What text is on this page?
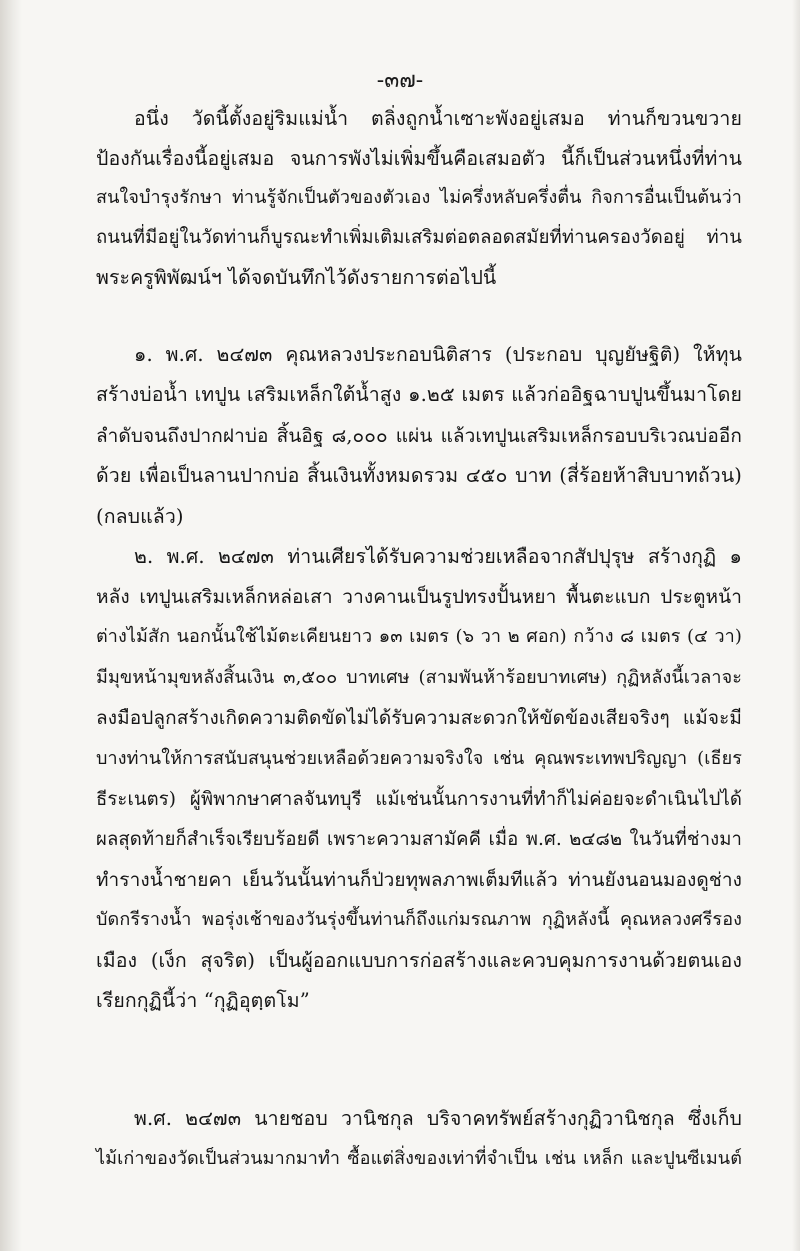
-๓๗-
อนึ่ง วัดนี้ตั้งอยู่ริมแม่น้ำ ตลิ่งถูกน้ำเซาะพังอยู่เสมอ ท่านก็ขวนขวาย
ป้องกันเรื่องนี้อยู่เสมอ จนการพังไม่เพิ่มขึ้นคือเสมอตัว นี้ก็เป็นส่วนหนึ่งที่ท่าน
สนใจบำรุงรักษา ท่านรู้จักเป็นตัวของตัวเอง ไม่ครึ่งหลับครึ่งตื่น กิจการอื่นเป็นต้นว่า
ถนนที่มีอยู่ในวัดท่านก็บูรณะทำเพิ่มเติมเสริมต่อตลอดสมัยที่ท่านครองวัดอยู่ ท่าน
พระครูพิพัฒน์ฯ ได้จดบันทึกไว้ดังรายการต่อไปนี้
๑. พ.ศ. ๒๔๗๓ คุณหลวงประกอบนิติสาร (ประกอบ บุญยัษฐิติ) ให้ทุน
สร้างบ่อน้ำ เทปูน เสริมเหล็กใต้น้ำสูง ๑.๒๕ เมตร แล้วก่ออิฐฉาบปูนขึ้นมาโดย
ลำดับจนถึงปากฝาบ่อ สิ้นอิฐ ๘,๐๐๐ แผ่น แล้วเทปูนเสริมเหล็กรอบบริเวณบ่ออีก
ด้วย เพื่อเป็นลานปากบ่อ สิ้นเงินทั้งหมดรวม ๔๕๐ บาท (สี่ร้อยห้าสิบบาทถ้วน)
(กลบแล้ว)
๒. พ.ศ. ๒๔๗๓ ท่านเศียรได้รับความช่วยเหลือจากสัปปุรุษ สร้างกุฏิ ๑
หลัง เทปูนเสริมเหล็กหล่อเสา วางคานเป็นรูปทรงปั้นหยา พื้นตะแบก ประตูหน้า
ต่างไม้สัก นอกนั้นใช้ไม้ตะเคียนยาว ๑๓ เมตร (๖ วา ๒ ศอก) กว้าง ๘ เมตร (๔ วา)
มีมุขหน้ามุขหลังสิ้นเงิน ๓,๕๐๐ บาทเศษ (สามพันห้าร้อยบาทเศษ) กุฏิหลังนี้เวลาจะ
ลงมือปลูกสร้างเกิดความติดขัดไม่ได้รับความสะดวกให้ขัดข้องเสียจริงๆ แม้จะมี
บางท่านให้การสนับสนุนช่วยเหลือด้วยความจริงใจ เช่น คุณพระเทพปริญญา (เธียร
ธีระเนตร) ผู้พิพากษาศาลจันทบุรี แม้เช่นนั้นการงานที่ทำก็ไม่ค่อยจะดำเนินไปได้
ผลสุดท้ายก็สำเร็จเรียบร้อยดี เพราะความสามัคคี เมื่อ พ.ศ. ๒๔๘๒ ในวันที่ช่างมา
ทำรางน้ำชายคา เย็นวันนั้นท่านก็ป่วยทุพลภาพเต็มทีแล้ว ท่านยังนอนมองดูช่าง
บัดกรีรางน้ำ พอรุ่งเช้าของวันรุ่งขึ้นท่านก็ถึงแก่มรณภาพ กุฏิหลังนี้ คุณหลวงศรีรอง
เมือง (เง็ก สุจริต) เป็นผู้ออกแบบการก่อสร้างและควบคุมการงานด้วยตนเอง
เรียกกุฏินี้ว่า “กุฏิอุตฺตโม”
พ.ศ. ๒๔๗๓ นายชอบ วานิชกุล บริจาคทรัพย์สร้างกุฏิวานิชกุล ซึ่งเก็บ
ไม้เก่าของวัดเป็นส่วนมากมาทำ ซื้อแต่สิ่งของเท่าที่จำเป็น เช่น เหล็ก และปูนซีเมนต์
